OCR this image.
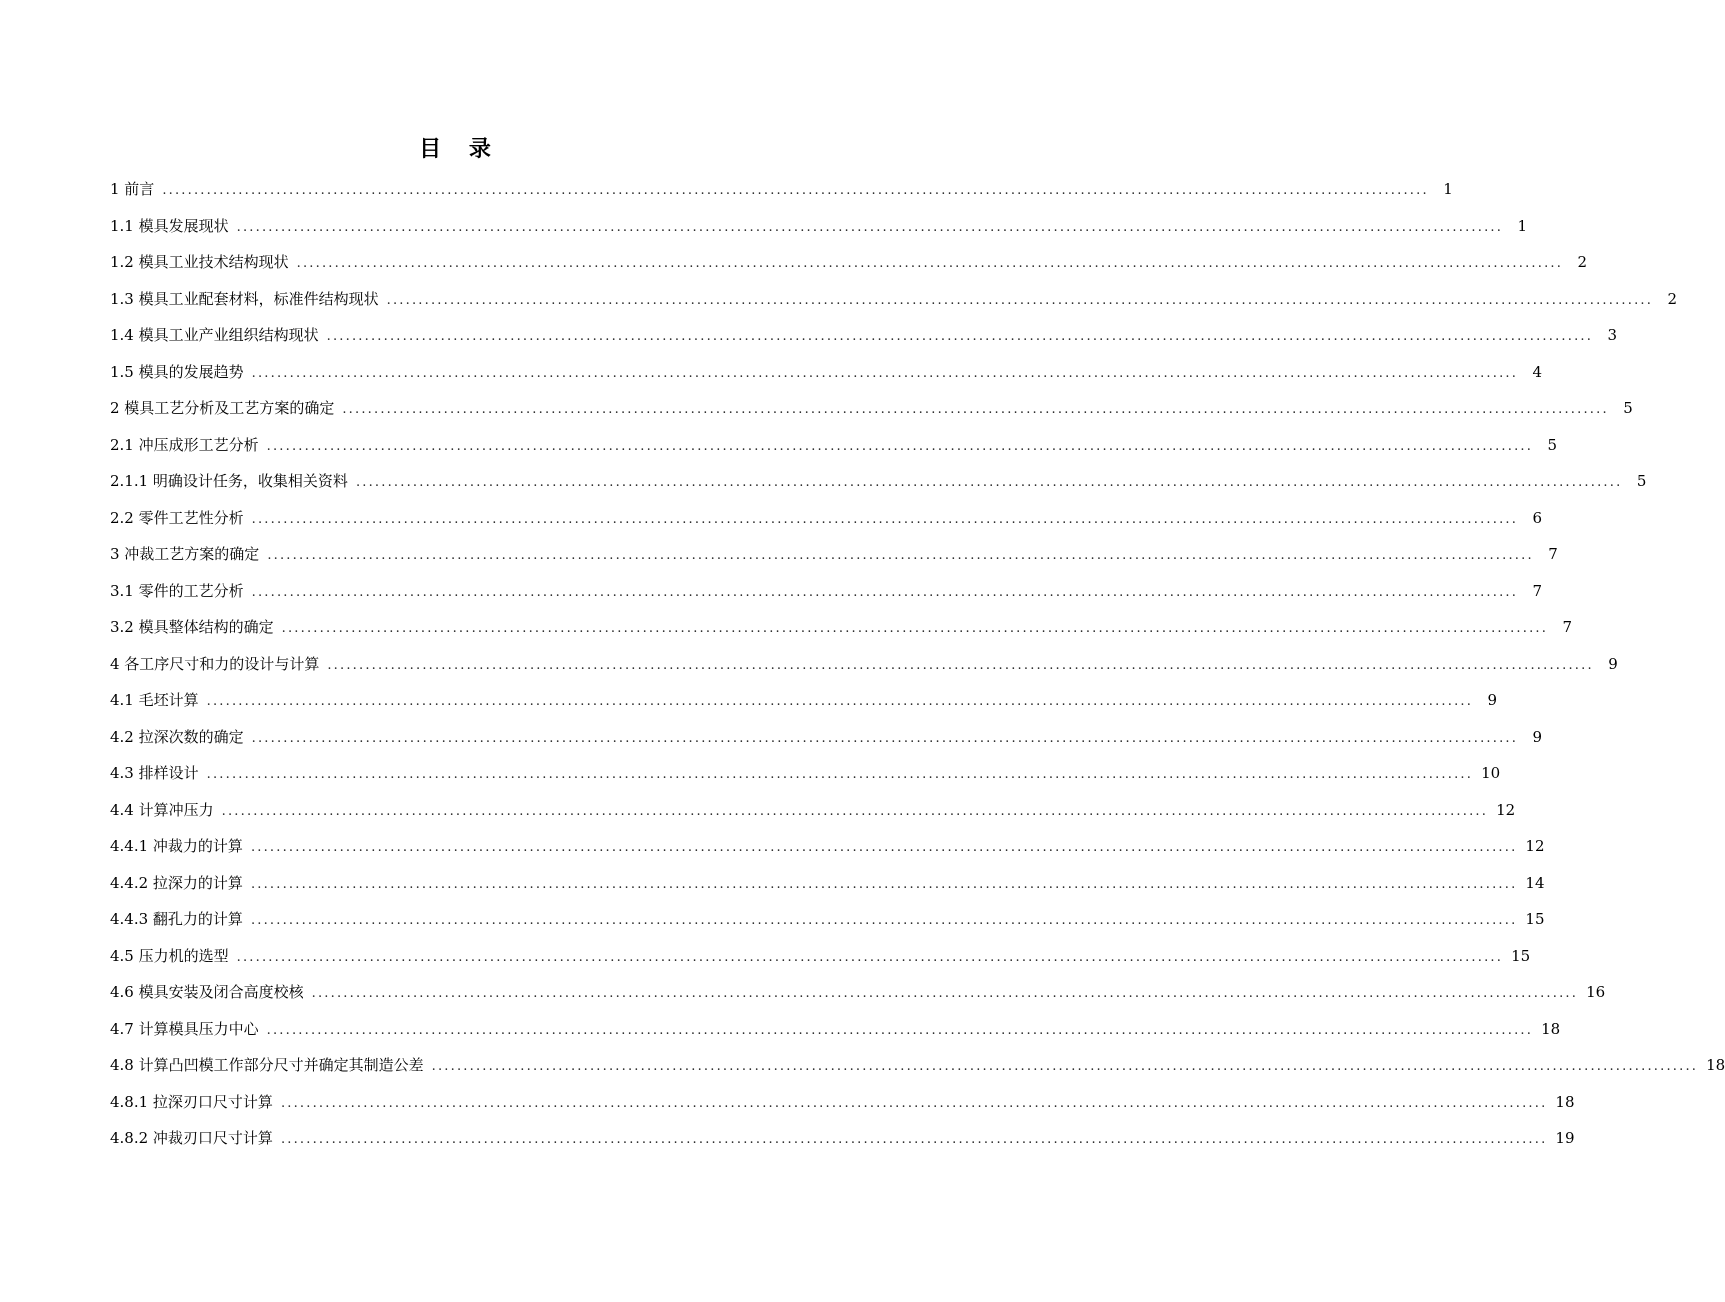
目 录
1 前言 ........................................................................................................................................................................................................ 1
1.1 模具发展现状 ........................................................................................................................................................................................................ 1
1.2 模具工业技术结构现状 ........................................................................................................................................................................................................ 2
1.3 模具工业配套材料，标准件结构现状 ........................................................................................................................................................................................................ 2
1.4 模具工业产业组织结构现状 ........................................................................................................................................................................................................ 3
1.5 模具的发展趋势 ........................................................................................................................................................................................................ 4
2 模具工艺分析及工艺方案的确定 ........................................................................................................................................................................................................ 5
2.1 冲压成形工艺分析 ........................................................................................................................................................................................................ 5
2.1.1 明确设计任务，收集相关资料 ........................................................................................................................................................................................................ 5
2.2 零件工艺性分析 ........................................................................................................................................................................................................ 6
3 冲裁工艺方案的确定 ........................................................................................................................................................................................................ 7
3.1 零件的工艺分析 ........................................................................................................................................................................................................ 7
3.2 模具整体结构的确定 ........................................................................................................................................................................................................ 7
4 各工序尺寸和力的设计与计算 ........................................................................................................................................................................................................ 9
4.1 毛坯计算 ........................................................................................................................................................................................................ 9
4.2 拉深次数的确定 ........................................................................................................................................................................................................ 9
4.3 排样设计 ........................................................................................................................................................................................................ 10
4.4 计算冲压力 ........................................................................................................................................................................................................ 12
4.4.1 冲裁力的计算 ........................................................................................................................................................................................................ 12
4.4.2 拉深力的计算 ........................................................................................................................................................................................................ 14
4.4.3 翻孔力的计算 ........................................................................................................................................................................................................ 15
4.5 压力机的选型 ........................................................................................................................................................................................................ 15
4.6 模具安装及闭合高度校核 ........................................................................................................................................................................................................ 16
4.7 计算模具压力中心 ........................................................................................................................................................................................................ 18
4.8 计算凸凹模工作部分尺寸并确定其制造公差 ........................................................................................................................................................................................................ 18
4.8.1 拉深刃口尺寸计算 ........................................................................................................................................................................................................ 18
4.8.2 冲裁刃口尺寸计算 ........................................................................................................................................................................................................ 19
